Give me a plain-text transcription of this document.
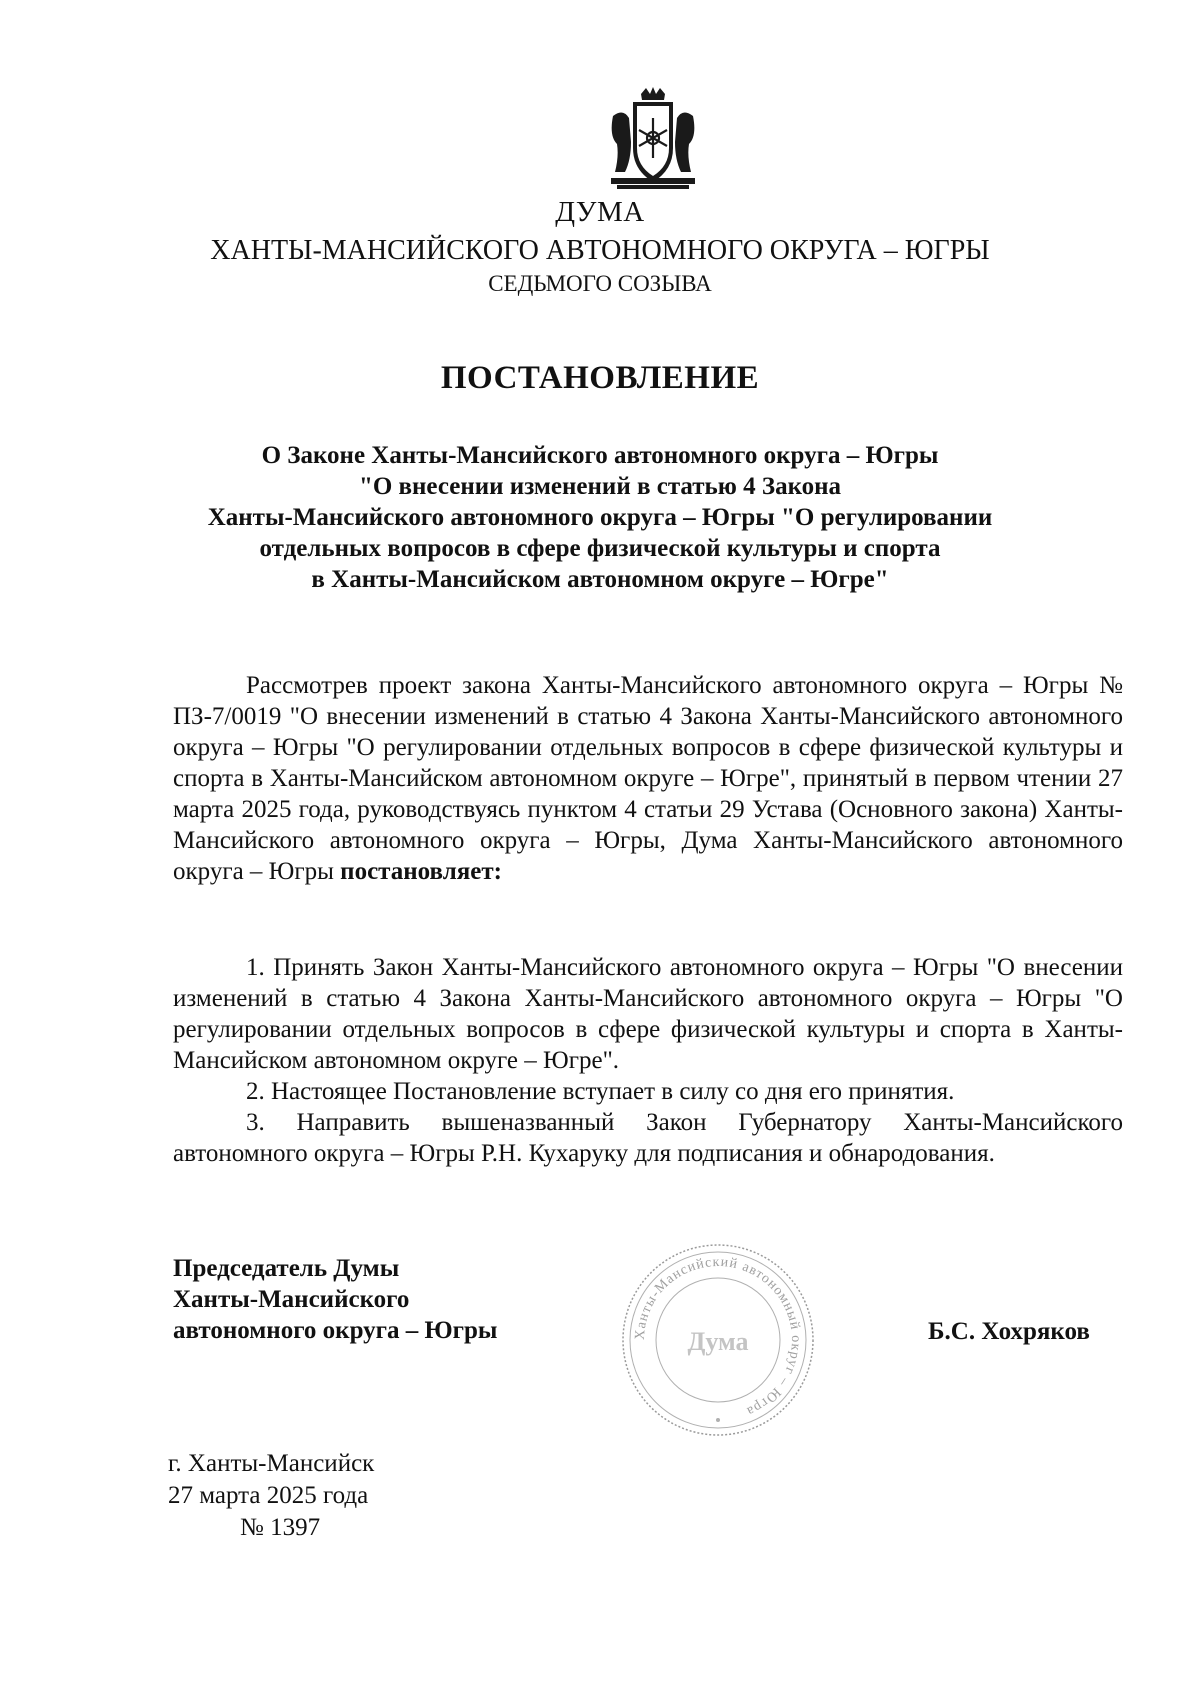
ДУМА
ХАНТЫ-МАНСИЙСКОГО АВТОНОМНОГО ОКРУГА – ЮГРЫ
СЕДЬМОГО СОЗЫВА
ПОСТАНОВЛЕНИЕ
О Законе Ханты-Мансийского автономного округа – Югры
"О внесении изменений в статью 4 Закона
Ханты-Мансийского автономного округа – Югры "О регулировании
отдельных вопросов в сфере физической культуры и спорта
в Ханты-Мансийском автономном округе – Югре"

Рассмотрев проект закона Ханты-Мансийского автономного округа – Югры № ПЗ-7/0019 "О внесении изменений в статью 4 Закона Ханты-Мансийского автономного округа – Югры "О регулировании отдельных вопросов в сфере физической культуры и спорта в Ханты-Мансийском автономном округе – Югре", принятый в первом чтении 27 марта 2025 года, руководствуясь пунктом 4 статьи 29 Устава (Основного закона) Ханты-Мансийского автономного округа – Югры, Дума Ханты-Мансийского автономного округа – Югры постановляет:

1. Принять Закон Ханты-Мансийского автономного округа – Югры "О внесении изменений в статью 4 Закона Ханты-Мансийского автономного округа – Югры "О регулировании отдельных вопросов в сфере физической культуры и спорта в Ханты-Мансийском автономном округе – Югре".

2. Настоящее Постановление вступает в силу со дня его принятия.

3. Направить вышеназванный Закон Губернатору Ханты-Мансийского автономного округа – Югры Р.Н. Кухаруку для подписания и обнародования.

Председатель Думы
Ханты-Мансийского
автономного округа – Югры	Ханты-Мансийский автономный округ – Югра
Дума	Б.С. Хохряков
г. Ханты-Мансийск
27 марта 2025 года
№ 1397
